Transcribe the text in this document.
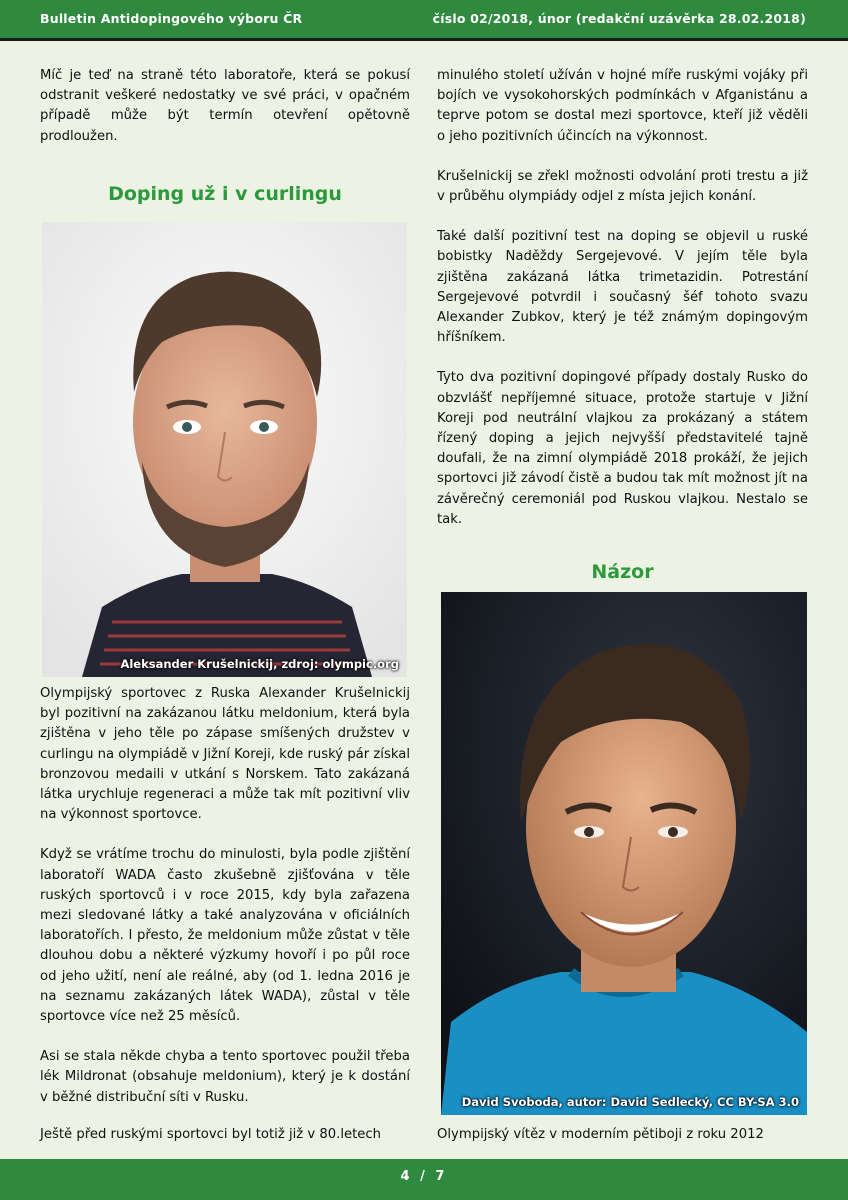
Bulletin Antidopingového výboru ČR	číslo 02/2018, únor (redakční uzávěrka 28.02.2018)

Míč je teď na straně této laboratoře, která se pokusí odstranit veškeré nedostatky ve své práci, v opačném případě může být termín otevření opětovně prodloužen.

Doping už i v curlingu
Aleksander Krušelnickij, zdroj: olympic.org

Olympijský sportovec z Ruska Alexander Krušelnickij byl pozitivní na zakázanou látku meldonium, která byla zjištěna v jeho těle po zápase smíšených družstev v curlingu na olympiádě v Jižní Koreji, kde ruský pár získal bronzovou medaili v utkání s Norskem. Tato zakázaná látka urychluje regeneraci a může tak mít pozitivní vliv na výkonnost sportovce.

Když se vrátíme trochu do minulosti, byla podle zjištění laboratoří WADA často zkušebně zjišťována v těle ruských sportovců i v roce 2015, kdy byla zařazena mezi sledované látky a také analyzována v oficiálních laboratořích. I přesto, že meldonium může zůstat v těle dlouhou dobu a některé výzkumy hovoří i po půl roce od jeho užití, není ale reálné, aby (od 1. ledna 2016 je na seznamu zakázaných látek WADA), zůstal v těle sportovce více než 25 měsíců.

Asi se stala někde chyba a tento sportovec použil třeba lék Mildronat (obsahuje meldonium), který je k dostání v běžné distribuční síti v Rusku.

Ještě před ruskými sportovci byl totiž již v 80.letech

minulého století užíván v hojné míře ruskými vojáky při bojích ve vysokohorských podmínkách v Afganistánu a teprve potom se dostal mezi sportovce, kteří již věděli o jeho pozitivních účincích na výkonnost.

Krušelnickij se zřekl možnosti odvolání proti trestu a již v průběhu olympiády odjel z místa jejich konání.

Také další pozitivní test na doping se objevil u ruské bobistky Naděždy Sergejevové. V jejím těle byla zjištěna zakázaná látka trimetazidin. Potrestání Sergejevové potvrdil i současný šéf tohoto svazu Alexander Zubkov, který je též známým dopingovým hříšníkem.

Tyto dva pozitivní dopingové případy dostaly Rusko do obzvlášť nepříjemné situace, protože startuje v Jižní Koreji pod neutrální vlajkou za prokázaný a státem řízený doping a jejich nejvyšší představitelé tajně doufali, že na zimní olympiádě 2018 prokáží, že jejich sportovci již závodí čistě a budou tak mít možnost jít na závěrečný ceremoniál pod Ruskou vlajkou. Nestalo se tak.

Názor
David Svoboda, autor: David Sedlecký, CC BY-SA 3.0

Olympijský vítěz v moderním pětiboji z roku 2012

4 / 7
